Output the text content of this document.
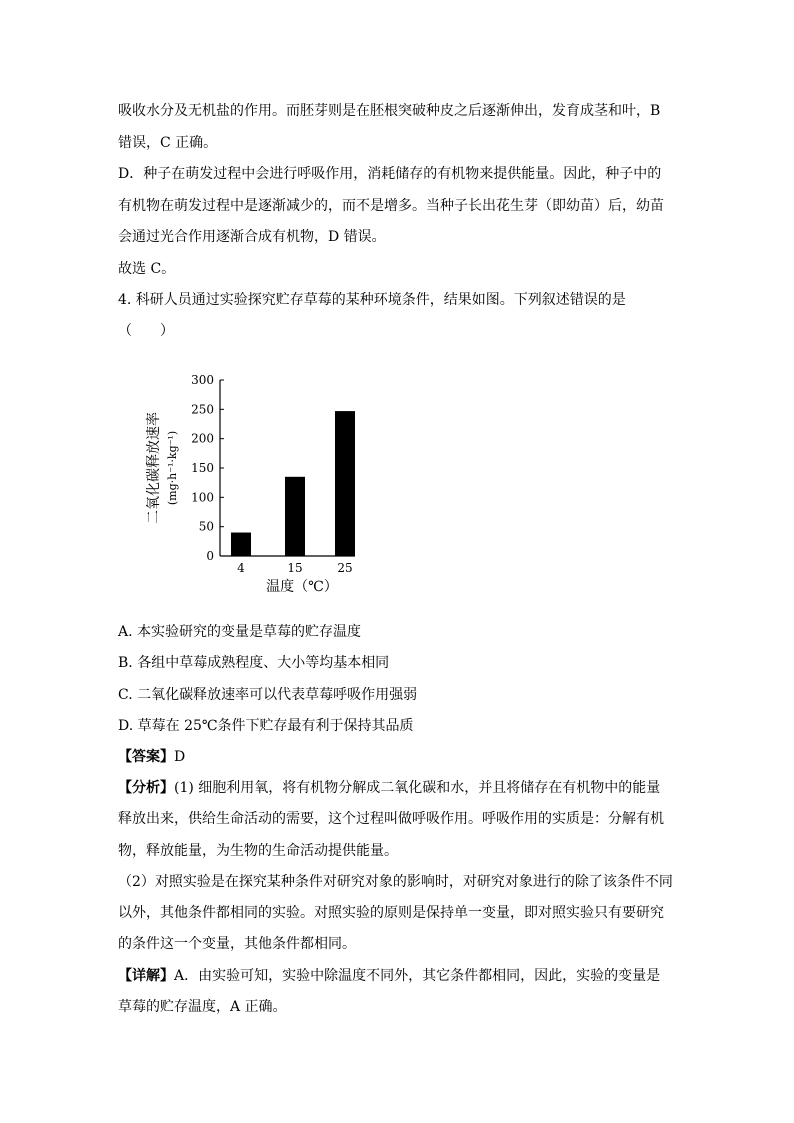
吸收水分及无机盐的作用。而胚芽则是在胚根突破种皮之后逐渐伸出，发育成茎和叶，B

错误，C 正确。

D．种子在萌发过程中会进行呼吸作用，消耗储存的有机物来提供能量。因此，种子中的

有机物在萌发过程中是逐渐减少的，而不是增多。当种子长出花生芽（即幼苗）后，幼苗

会通过光合作用逐渐合成有机物，D 错误。

故选 C。

4. 科研人员通过实验探究贮存草莓的某种环境条件，结果如图。下列叙述错误的是

（　　）

0
50
100
150
200
250
300
4	15	25
温度（℃）
二氧化碳释放速率 (mg·h⁻¹·kg⁻¹)

A. 本实验研究的变量是草莓的贮存温度

B. 各组中草莓成熟程度、大小等均基本相同

C. 二氧化碳释放速率可以代表草莓呼吸作用强弱

D. 草莓在 25℃条件下贮存最有利于保持其品质

【答案】D

【分析】(1) 细胞利用氧，将有机物分解成二氧化碳和水，并且将储存在有机物中的能量

释放出来，供给生命活动的需要，这个过程叫做呼吸作用。呼吸作用的实质是：分解有机

物，释放能量，为生物的生命活动提供能量。

（2）对照实验是在探究某种条件对研究对象的影响时，对研究对象进行的除了该条件不同

以外，其他条件都相同的实验。对照实验的原则是保持单一变量，即对照实验只有要研究

的条件这一个变量，其他条件都相同。

【详解】A．由实验可知，实验中除温度不同外，其它条件都相同，因此，实验的变量是

草莓的贮存温度，A 正确。
